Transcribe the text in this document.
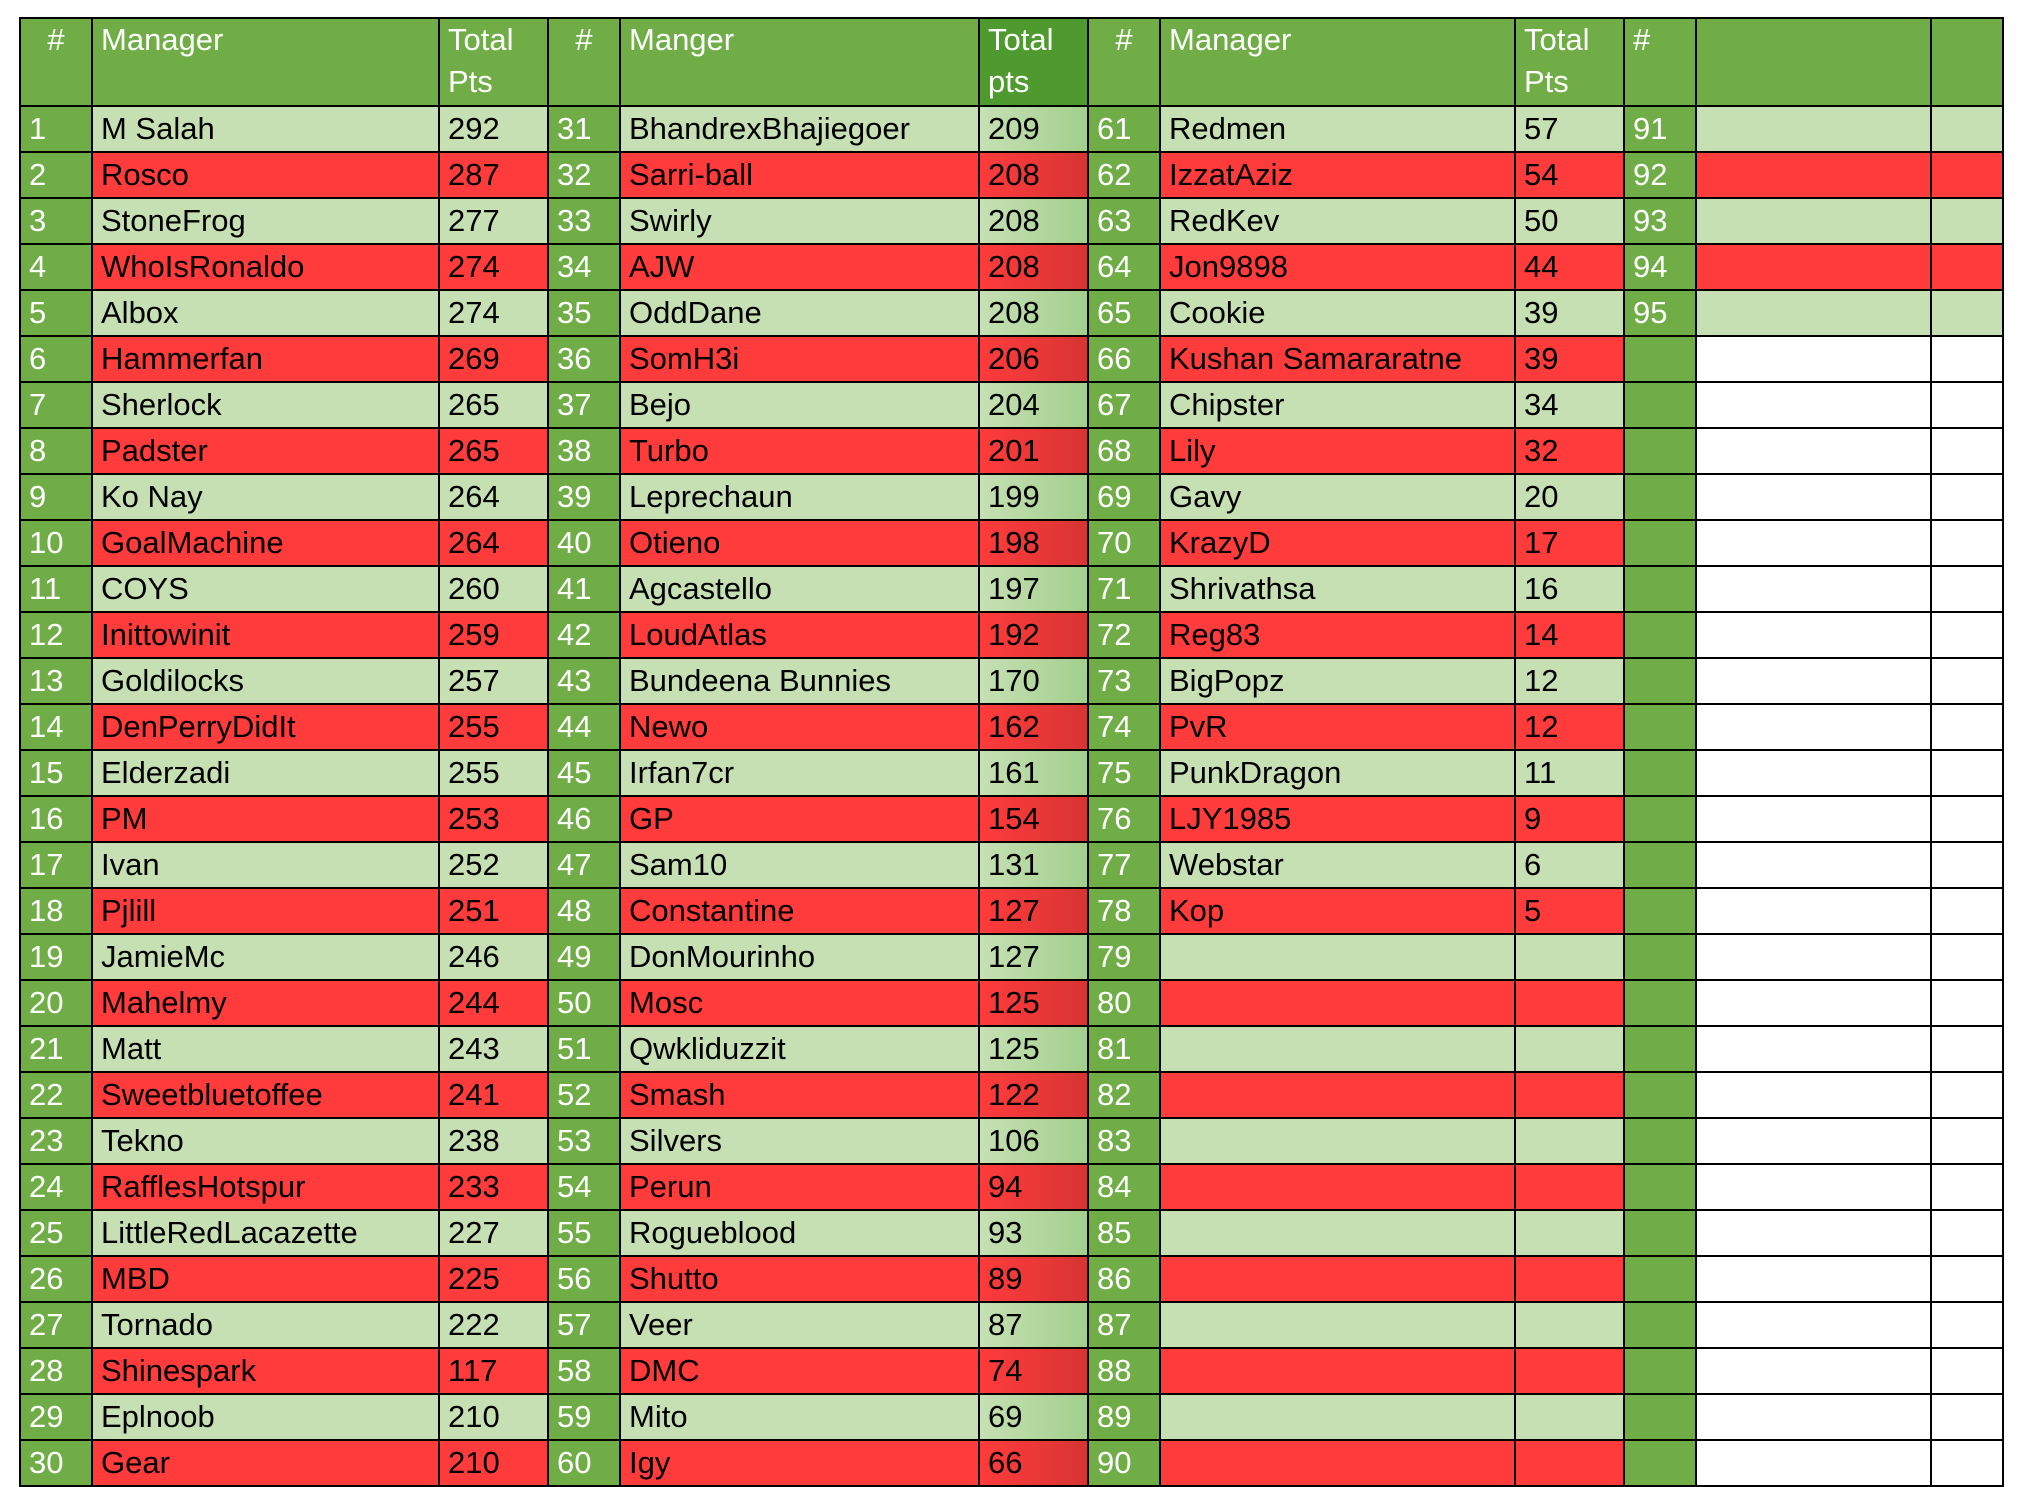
#	Manager	Total Pts	#	Manger	Total pts	#	Manager	Total Pts	#		
1	M Salah	292	31	BhandrexBhajiegoer	209	61	Redmen	57	91		
2	Rosco	287	32	Sarri-ball	208	62	IzzatAziz	54	92		
3	StoneFrog	277	33	Swirly	208	63	RedKev	50	93		
4	WhoIsRonaldo	274	34	AJW	208	64	Jon9898	44	94		
5	Albox	274	35	OddDane	208	65	Cookie	39	95		
6	Hammerfan	269	36	SomH3i	206	66	Kushan Samararatne	39			
7	Sherlock	265	37	Bejo	204	67	Chipster	34			
8	Padster	265	38	Turbo	201	68	Lily	32			
9	Ko Nay	264	39	Leprechaun	199	69	Gavy	20			
10	GoalMachine	264	40	Otieno	198	70	KrazyD	17			
11	COYS	260	41	Agcastello	197	71	Shrivathsa	16			
12	Inittowinit	259	42	LoudAtlas	192	72	Reg83	14			
13	Goldilocks	257	43	Bundeena Bunnies	170	73	BigPopz	12			
14	DenPerryDidIt	255	44	Newo	162	74	PvR	12			
15	Elderzadi	255	45	Irfan7cr	161	75	PunkDragon	11			
16	PM	253	46	GP	154	76	LJY1985	9			
17	Ivan	252	47	Sam10	131	77	Webstar	6			
18	Pjlill	251	48	Constantine	127	78	Kop	5			
19	JamieMc	246	49	DonMourinho	127	79					
20	Mahelmy	244	50	Mosc	125	80					
21	Matt	243	51	Qwkliduzzit	125	81					
22	Sweetbluetoffee	241	52	Smash	122	82					
23	Tekno	238	53	Silvers	106	83					
24	RafflesHotspur	233	54	Perun	94	84					
25	LittleRedLacazette	227	55	Rogueblood	93	85					
26	MBD	225	56	Shutto	89	86					
27	Tornado	222	57	Veer	87	87					
28	Shinespark	117	58	DMC	74	88					
29	Eplnoob	210	59	Mito	69	89					
30	Gear	210	60	Igy	66	90					
